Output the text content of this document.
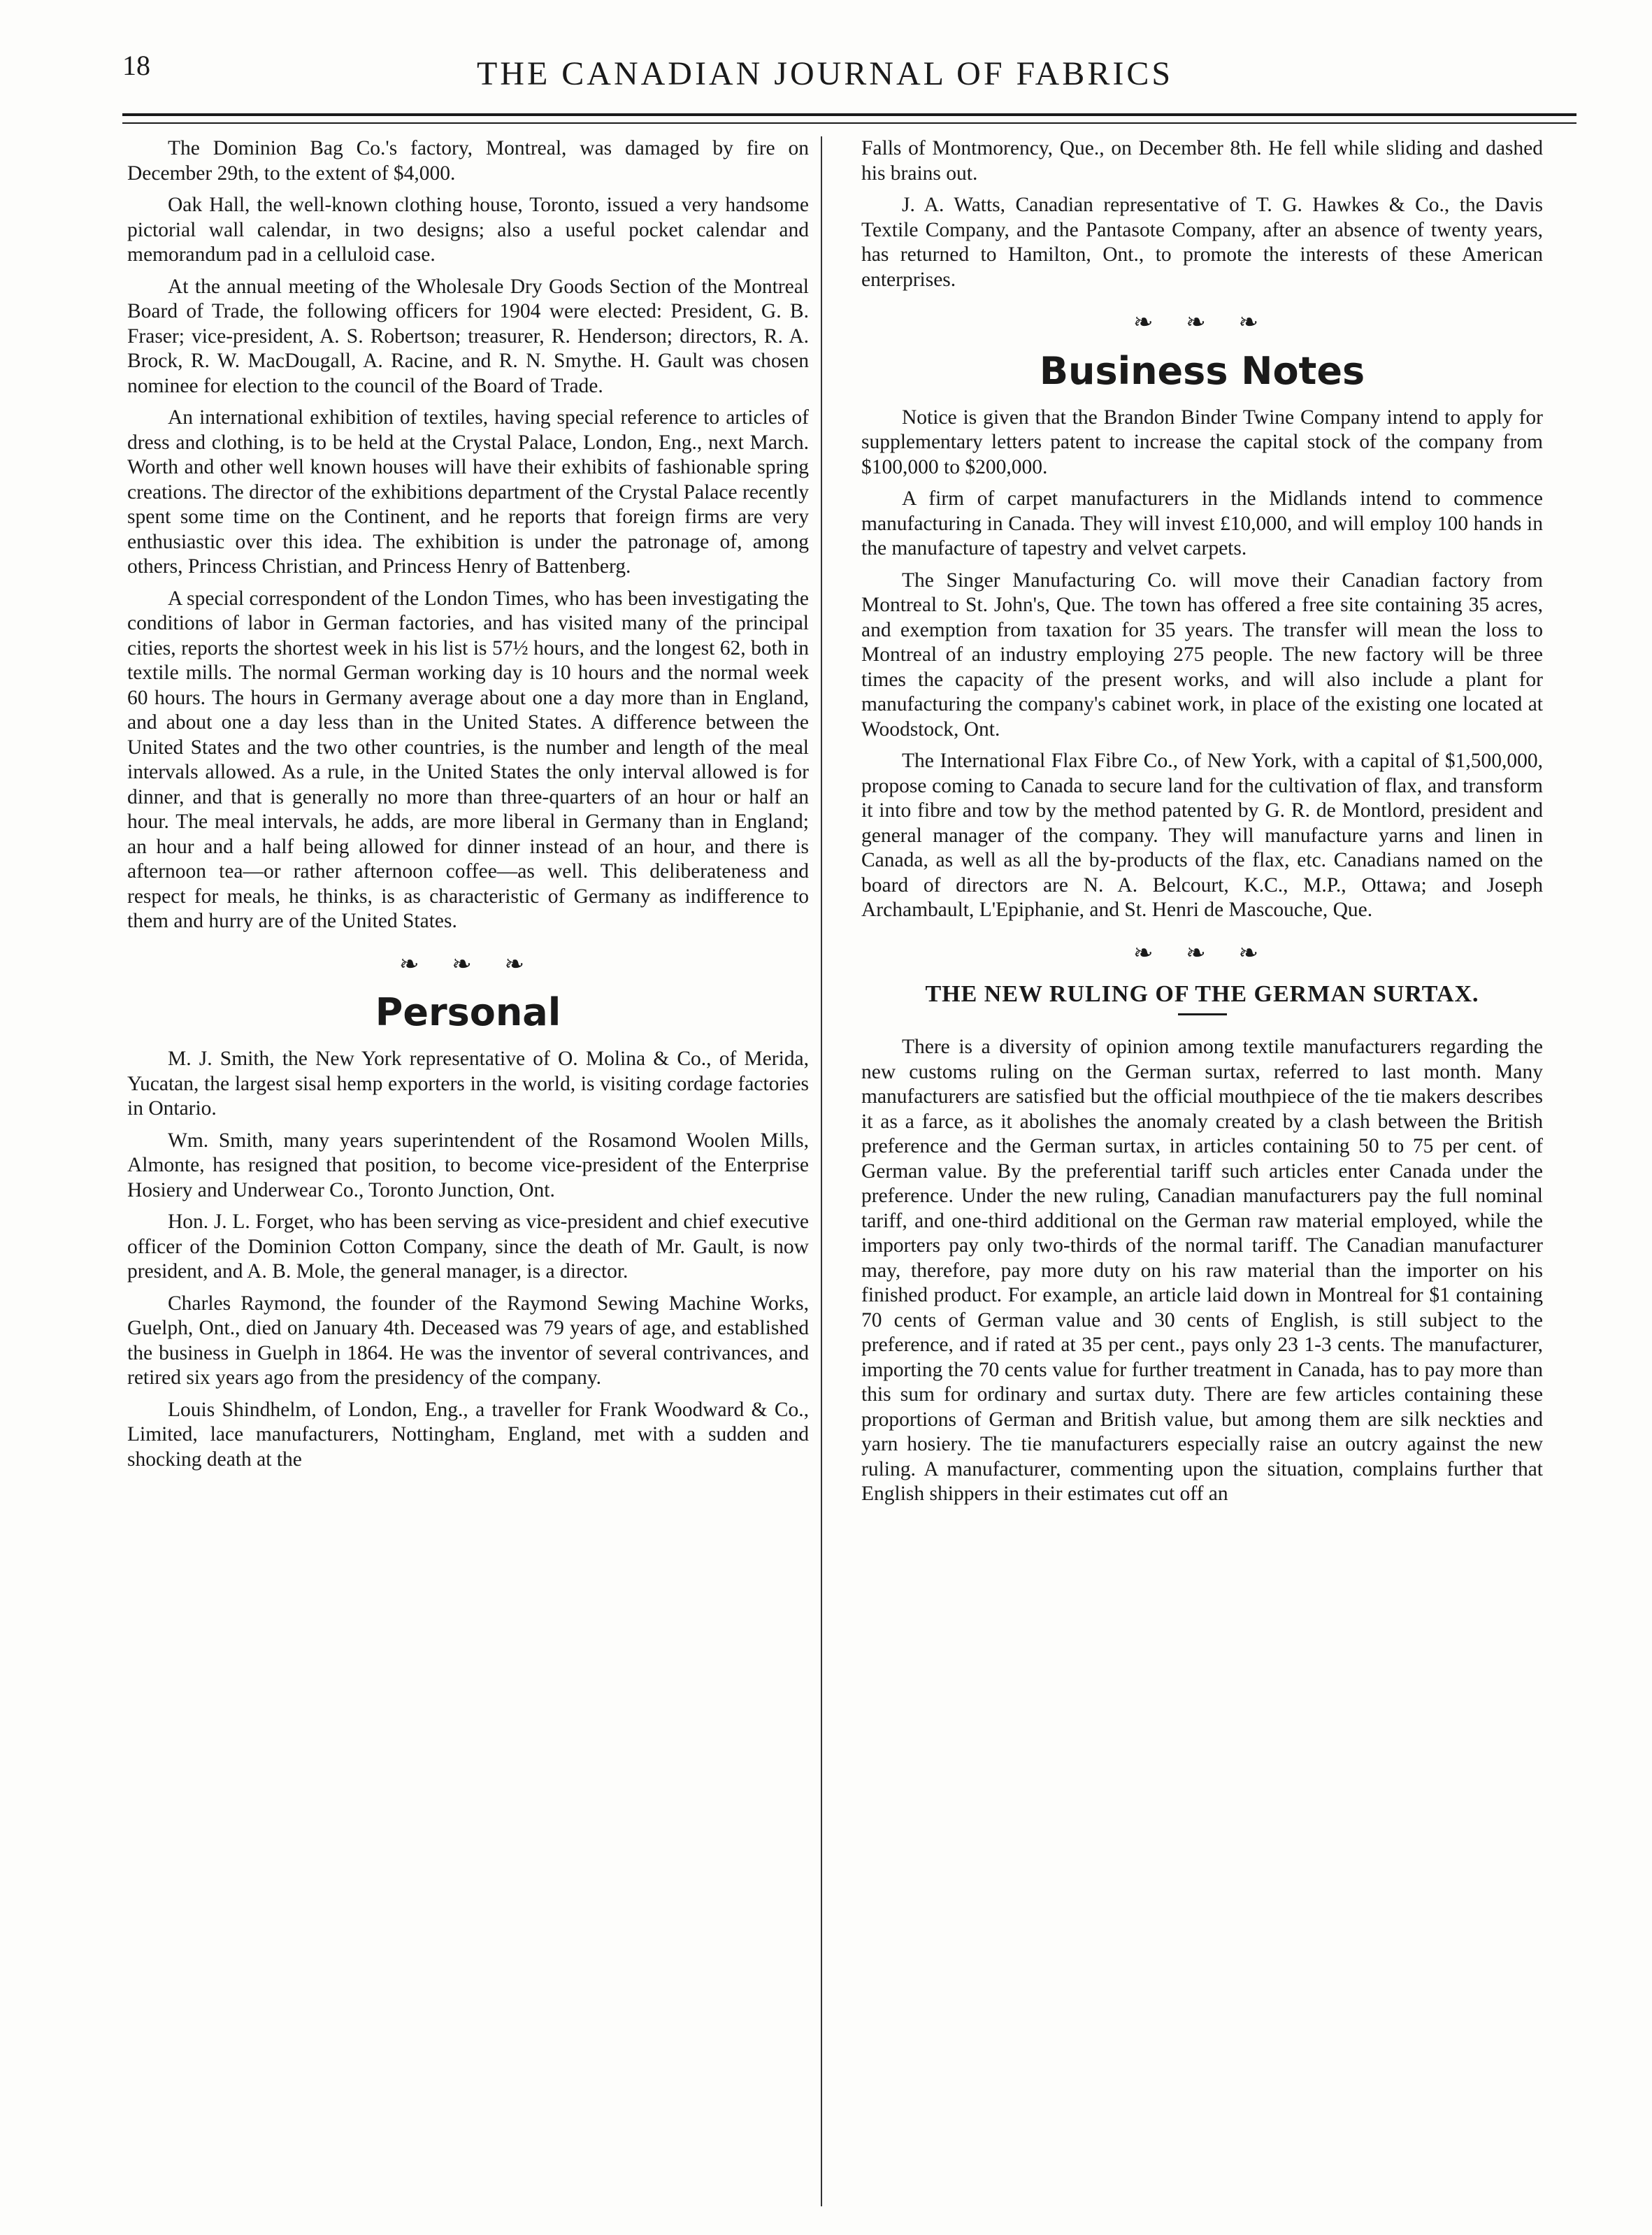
18	THE CANADIAN JOURNAL OF FABRICS

The Dominion Bag Co.'s factory, Montreal, was damaged by fire on December 29th, to the extent of $4,000.

Oak Hall, the well-known clothing house, Toronto, issued a very handsome pictorial wall calendar, in two designs; also a useful pocket calendar and memorandum pad in a celluloid case.

At the annual meeting of the Wholesale Dry Goods Section of the Montreal Board of Trade, the following officers for 1904 were elected: President, G. B. Fraser; vice-president, A. S. Robertson; treasurer, R. Henderson; directors, R. A. Brock, R. W. MacDougall, A. Racine, and R. N. Smythe. H. Gault was chosen nominee for election to the council of the Board of Trade.

An international exhibition of textiles, having special reference to articles of dress and clothing, is to be held at the Crystal Palace, London, Eng., next March. Worth and other well known houses will have their exhibits of fashionable spring creations. The director of the exhibitions department of the Crystal Palace recently spent some time on the Continent, and he reports that foreign firms are very enthusiastic over this idea. The exhibition is under the patronage of, among others, Princess Christian, and Princess Henry of Battenberg.

A special correspondent of the London Times, who has been investigating the conditions of labor in German factories, and has visited many of the principal cities, reports the shortest week in his list is 57½ hours, and the longest 62, both in textile mills. The normal German working day is 10 hours and the normal week 60 hours. The hours in Germany average about one a day more than in England, and about one a day less than in the United States. A difference between the United States and the two other countries, is the number and length of the meal intervals allowed. As a rule, in the United States the only interval allowed is for dinner, and that is generally no more than three-quarters of an hour or half an hour. The meal intervals, he adds, are more liberal in Germany than in England; an hour and a half being allowed for dinner instead of an hour, and there is afternoon tea—or rather afternoon coffee—as well. This deliberateness and respect for meals, he thinks, is as characteristic of Germany as indifference to them and hurry are of the United States.

❧ ❧ ❧
Personal

M. J. Smith, the New York representative of O. Molina & Co., of Merida, Yucatan, the largest sisal hemp exporters in the world, is visiting cordage factories in Ontario.

Wm. Smith, many years superintendent of the Rosamond Woolen Mills, Almonte, has resigned that position, to become vice-president of the Enterprise Hosiery and Underwear Co., Toronto Junction, Ont.

Hon. J. L. Forget, who has been serving as vice-president and chief executive officer of the Dominion Cotton Company, since the death of Mr. Gault, is now president, and A. B. Mole, the general manager, is a director.

Charles Raymond, the founder of the Raymond Sewing Machine Works, Guelph, Ont., died on January 4th. Deceased was 79 years of age, and established the business in Guelph in 1864. He was the inventor of several contrivances, and retired six years ago from the presidency of the company.

Louis Shindhelm, of London, Eng., a traveller for Frank Woodward & Co., Limited, lace manufacturers, Nottingham, England, met with a sudden and shocking death at the

Falls of Montmorency, Que., on December 8th. He fell while sliding and dashed his brains out.

J. A. Watts, Canadian representative of T. G. Hawkes & Co., the Davis Textile Company, and the Pantasote Company, after an absence of twenty years, has returned to Hamilton, Ont., to promote the interests of these American enterprises.

❧ ❧ ❧
Business Notes

Notice is given that the Brandon Binder Twine Company intend to apply for supplementary letters patent to increase the capital stock of the company from $100,000 to $200,000.

A firm of carpet manufacturers in the Midlands intend to commence manufacturing in Canada. They will invest £10,000, and will employ 100 hands in the manufacture of tapestry and velvet carpets.

The Singer Manufacturing Co. will move their Canadian factory from Montreal to St. John's, Que. The town has offered a free site containing 35 acres, and exemption from taxation for 35 years. The transfer will mean the loss to Montreal of an industry employing 275 people. The new factory will be three times the capacity of the present works, and will also include a plant for manufacturing the company's cabinet work, in place of the existing one located at Woodstock, Ont.

The International Flax Fibre Co., of New York, with a capital of $1,500,000, propose coming to Canada to secure land for the cultivation of flax, and transform it into fibre and tow by the method patented by G. R. de Montlord, president and general manager of the company. They will manufacture yarns and linen in Canada, as well as all the by-products of the flax, etc. Canadians named on the board of directors are N. A. Belcourt, K.C., M.P., Ottawa; and Joseph Archambault, L'Epiphanie, and St. Henri de Mascouche, Que.

❧ ❧ ❧
THE NEW RULING OF THE GERMAN SURTAX.

There is a diversity of opinion among textile manufacturers regarding the new customs ruling on the German surtax, referred to last month. Many manufacturers are satisfied but the official mouthpiece of the tie makers describes it as a farce, as it abolishes the anomaly created by a clash between the British preference and the German surtax, in articles containing 50 to 75 per cent. of German value. By the preferential tariff such articles enter Canada under the preference. Under the new ruling, Canadian manufacturers pay the full nominal tariff, and one-third additional on the German raw material employed, while the importers pay only two-thirds of the normal tariff. The Canadian manufacturer may, therefore, pay more duty on his raw material than the importer on his finished product. For example, an article laid down in Montreal for $1 containing 70 cents of German value and 30 cents of English, is still subject to the preference, and if rated at 35 per cent., pays only 23 1-3 cents. The manufacturer, importing the 70 cents value for further treatment in Canada, has to pay more than this sum for ordinary and surtax duty. There are few articles containing these proportions of German and British value, but among them are silk neckties and yarn hosiery. The tie manufacturers especially raise an outcry against the new ruling. A manufacturer, commenting upon the situation, complains further that English shippers in their estimates cut off an
